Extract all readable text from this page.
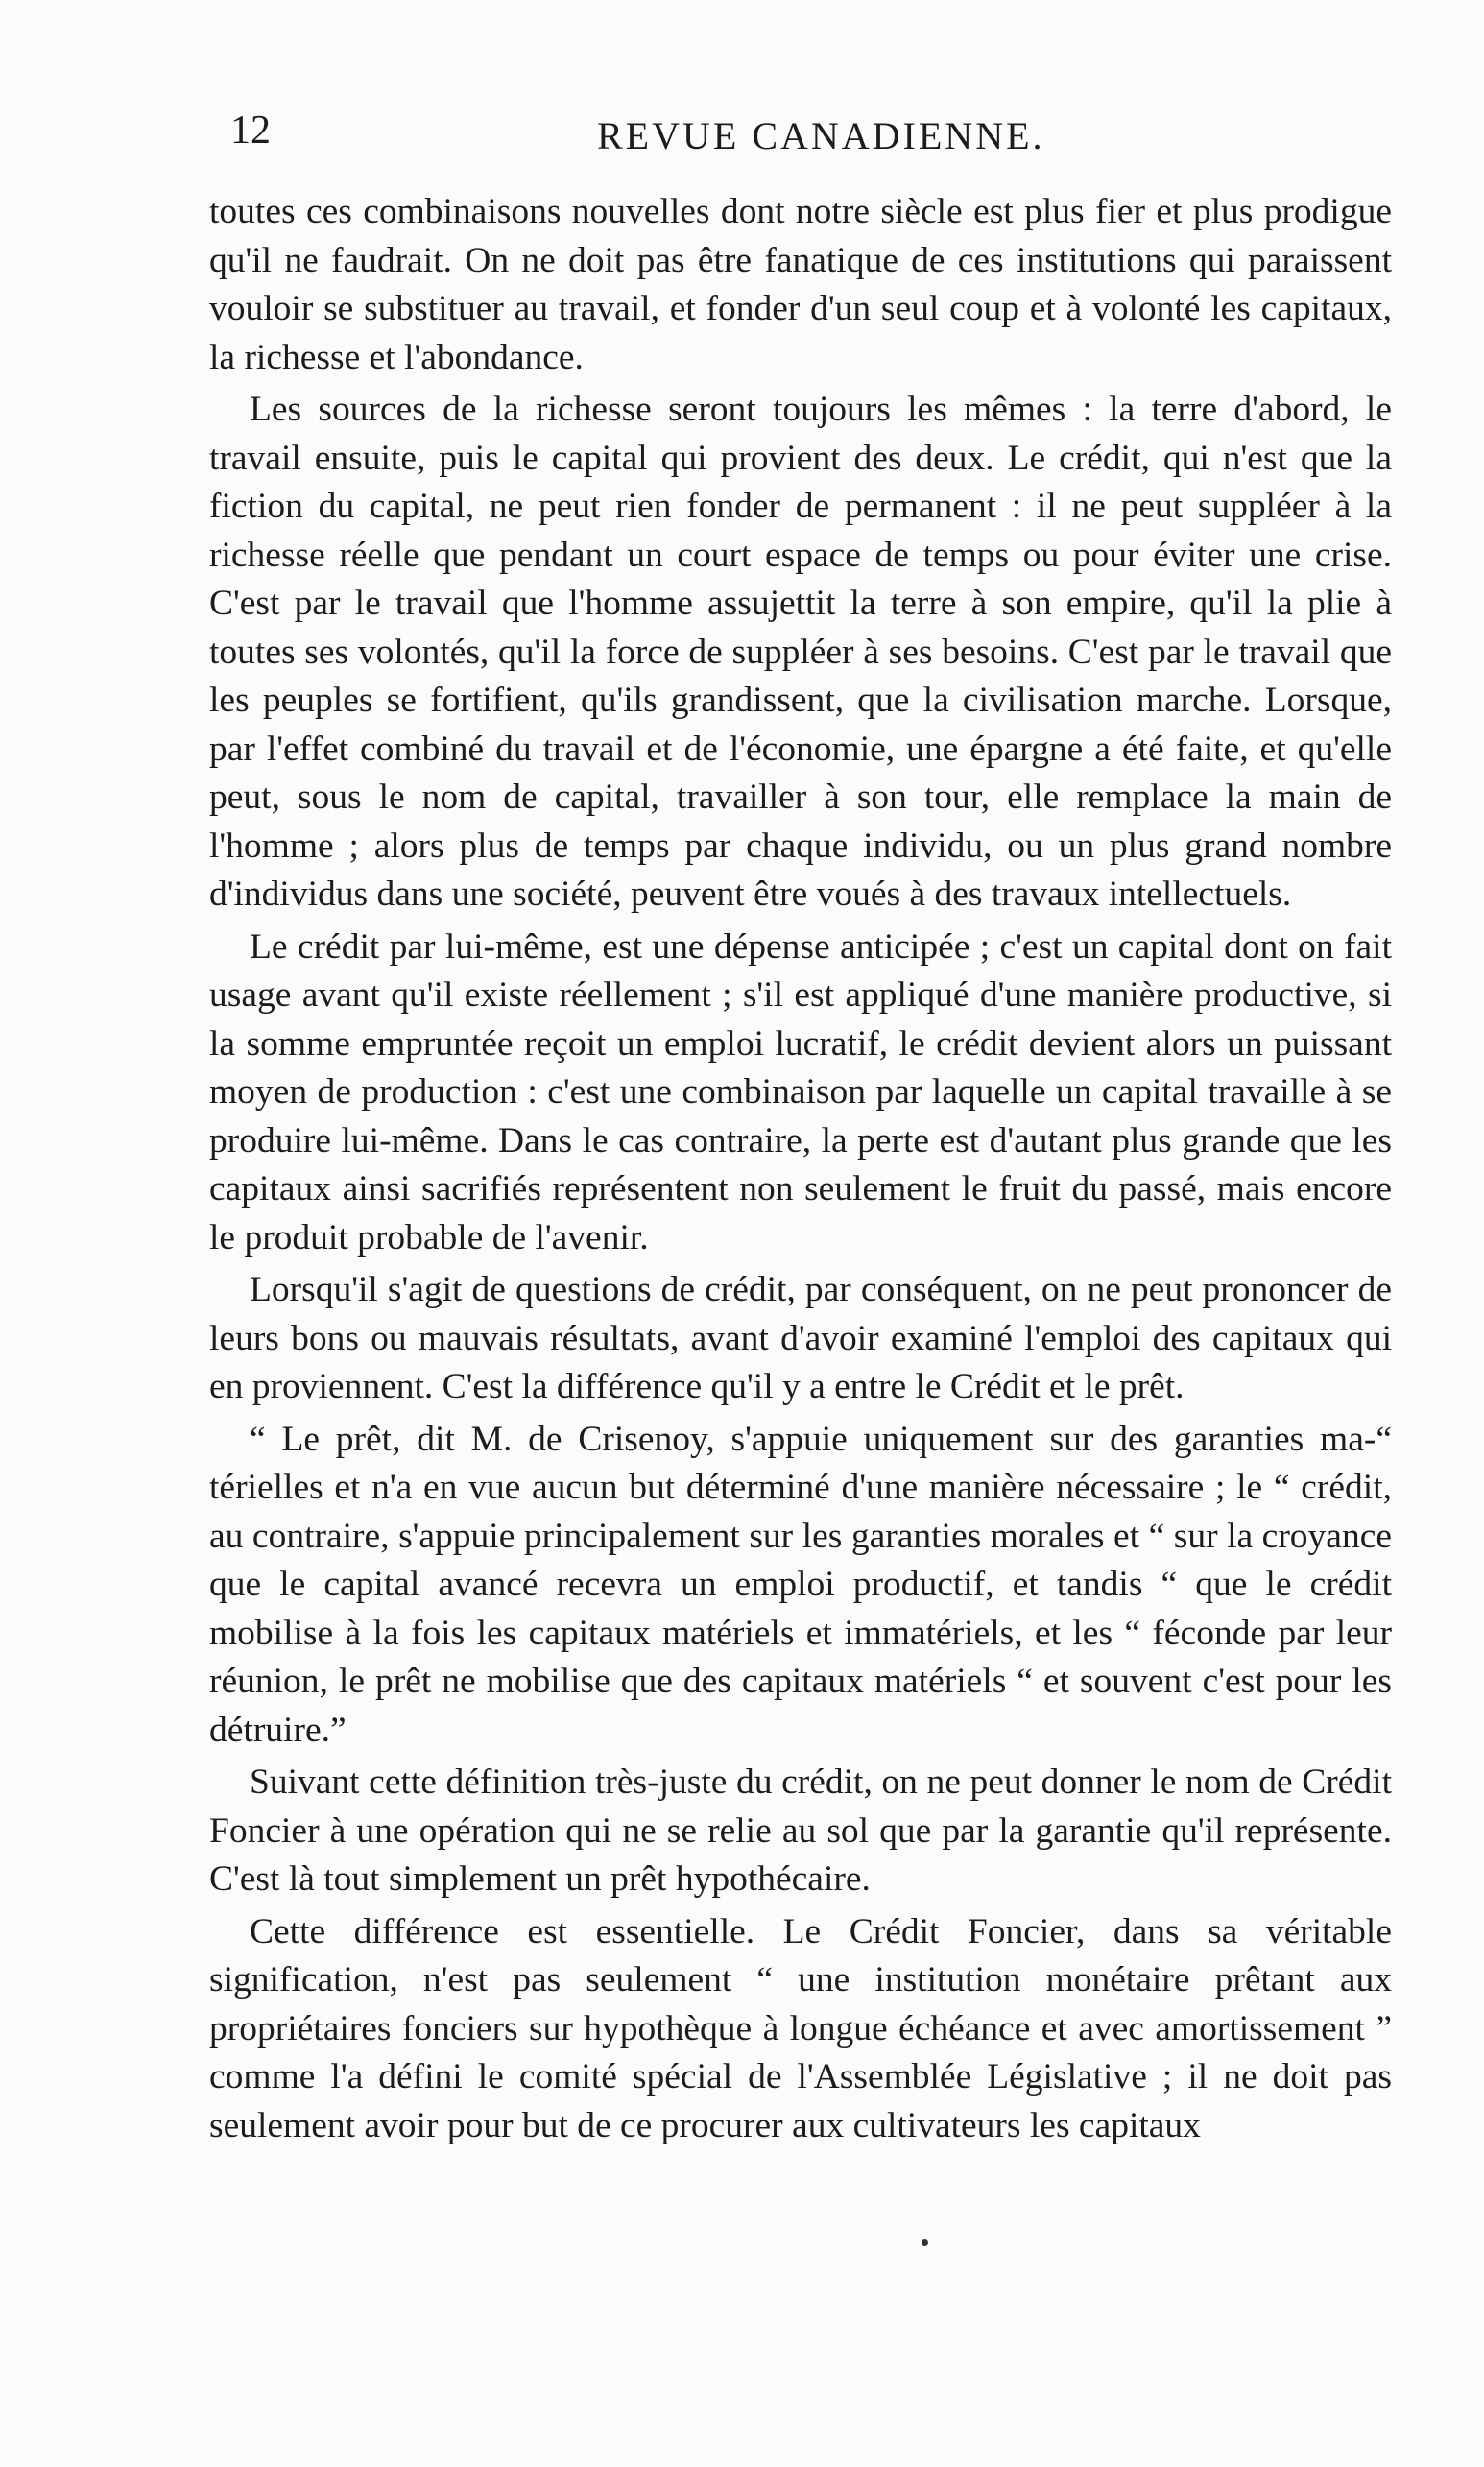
12	REVUE CANADIENNE.

toutes ces combinaisons nouvelles dont notre siècle est plus fier et plus prodigue qu'il ne faudrait. On ne doit pas être fanatique de ces institutions qui paraissent vouloir se substituer au travail, et fonder d'un seul coup et à volonté les capitaux, la richesse et l'abondance.

Les sources de la richesse seront toujours les mêmes : la terre d'abord, le travail ensuite, puis le capital qui provient des deux. Le crédit, qui n'est que la fiction du capital, ne peut rien fonder de permanent : il ne peut suppléer à la richesse réelle que pendant un court espace de temps ou pour éviter une crise. C'est par le travail que l'homme assujettit la terre à son empire, qu'il la plie à toutes ses volontés, qu'il la force de suppléer à ses besoins. C'est par le travail que les peuples se fortifient, qu'ils grandissent, que la civilisation marche. Lorsque, par l'effet combiné du travail et de l'économie, une épargne a été faite, et qu'elle peut, sous le nom de capital, travailler à son tour, elle remplace la main de l'homme ; alors plus de temps par chaque individu, ou un plus grand nombre d'individus dans une société, peuvent être voués à des travaux intellectuels.

Le crédit par lui-même, est une dépense anticipée ; c'est un capital dont on fait usage avant qu'il existe réellement ; s'il est appliqué d'une manière productive, si la somme empruntée reçoit un emploi lucratif, le crédit devient alors un puissant moyen de production : c'est une combinaison par laquelle un capital travaille à se produire lui-même. Dans le cas contraire, la perte est d'autant plus grande que les capitaux ainsi sacrifiés représentent non seulement le fruit du passé, mais encore le produit probable de l'avenir.

Lorsqu'il s'agit de questions de crédit, par conséquent, on ne peut prononcer de leurs bons ou mauvais résultats, avant d'avoir examiné l'emploi des capitaux qui en proviennent. C'est la différence qu'il y a entre le Crédit et le prêt.

“ Le prêt, dit M. de Crisenoy, s'appuie uniquement sur des garanties ma-“ térielles et n'a en vue aucun but déterminé d'une manière nécessaire ; le “ crédit, au contraire, s'appuie principalement sur les garanties morales et “ sur la croyance que le capital avancé recevra un emploi productif, et tandis “ que le crédit mobilise à la fois les capitaux matériels et immatériels, et les “ féconde par leur réunion, le prêt ne mobilise que des capitaux matériels “ et souvent c'est pour les détruire.”

Suivant cette définition très-juste du crédit, on ne peut donner le nom de Crédit Foncier à une opération qui ne se relie au sol que par la garantie qu'il représente. C'est là tout simplement un prêt hypothécaire.

Cette différence est essentielle. Le Crédit Foncier, dans sa véritable signification, n'est pas seulement “ une institution monétaire prêtant aux propriétaires fonciers sur hypothèque à longue échéance et avec amortissement ” comme l'a défini le comité spécial de l'Assemblée Législative ; il ne doit pas seulement avoir pour but de ce procurer aux cultivateurs les capitaux
